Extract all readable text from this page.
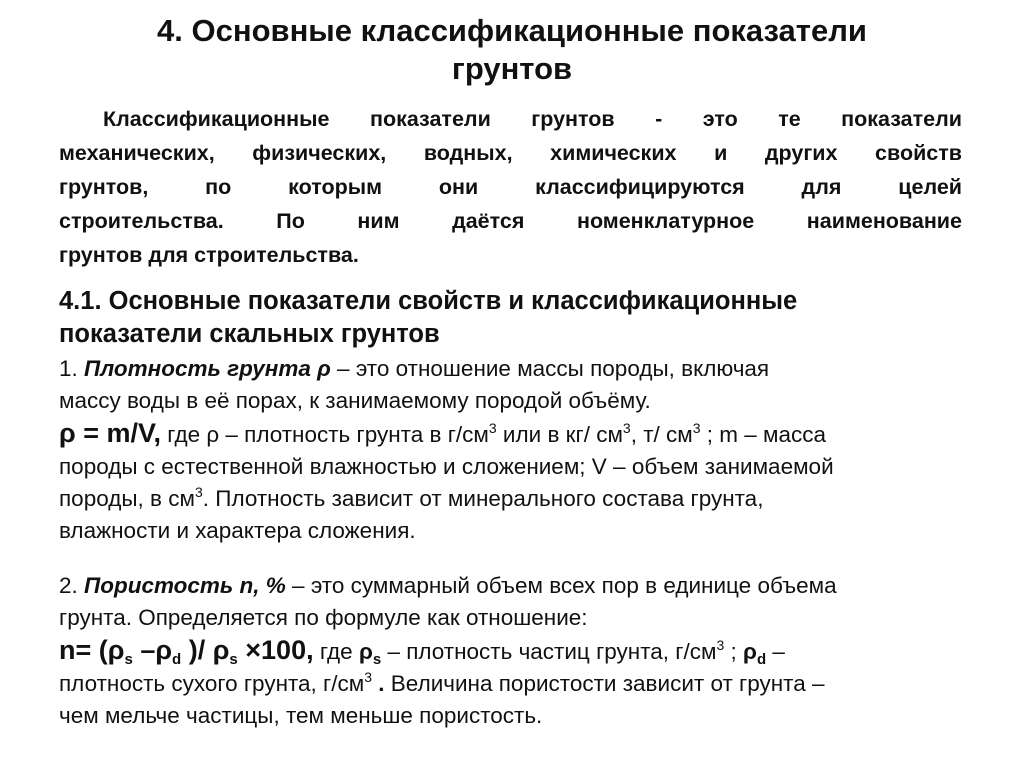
4. Основные классификационные показатели
грунтов

Классификационные показатели грунтов - это те показатели
механических, физических, водных, химических и других свойств
грунтов, по которым они классифицируются для целей
строительства. По ним даётся номенклатурное наименование
грунтов для строительства.

4.1. Основные показатели свойств и классификационные
показатели скальных грунтов
1. Плотность грунта ρ – это отношение массы породы, включая
массу воды в её порах, к занимаемому породой объёму.
ρ = m/V, где ρ – плотность грунта в $г/см^3$ или в кг/ $см^3$, т/ $см^3$ ; m – масса
породы с естественной влажностью и сложением; V – объем занимаемой
породы, в $см^3$. Плотность зависит от минерального состава грунта,
влажности и характера сложения.
2. Пористость n, % – это суммарный объем всех пор в единице объема
грунта. Определяется по формуле как отношение:
$n= (\rho_s$ $-\rho_d$ )/ $\rho_s \times 100$, где $\rho_s$ – плотность частиц грунта, $г/см^3$ ; $\rho_d$ –
плотность сухого грунта, $г/см^3$ . Величина пористости зависит от грунта –
чем мельче частицы, тем меньше пористость.
